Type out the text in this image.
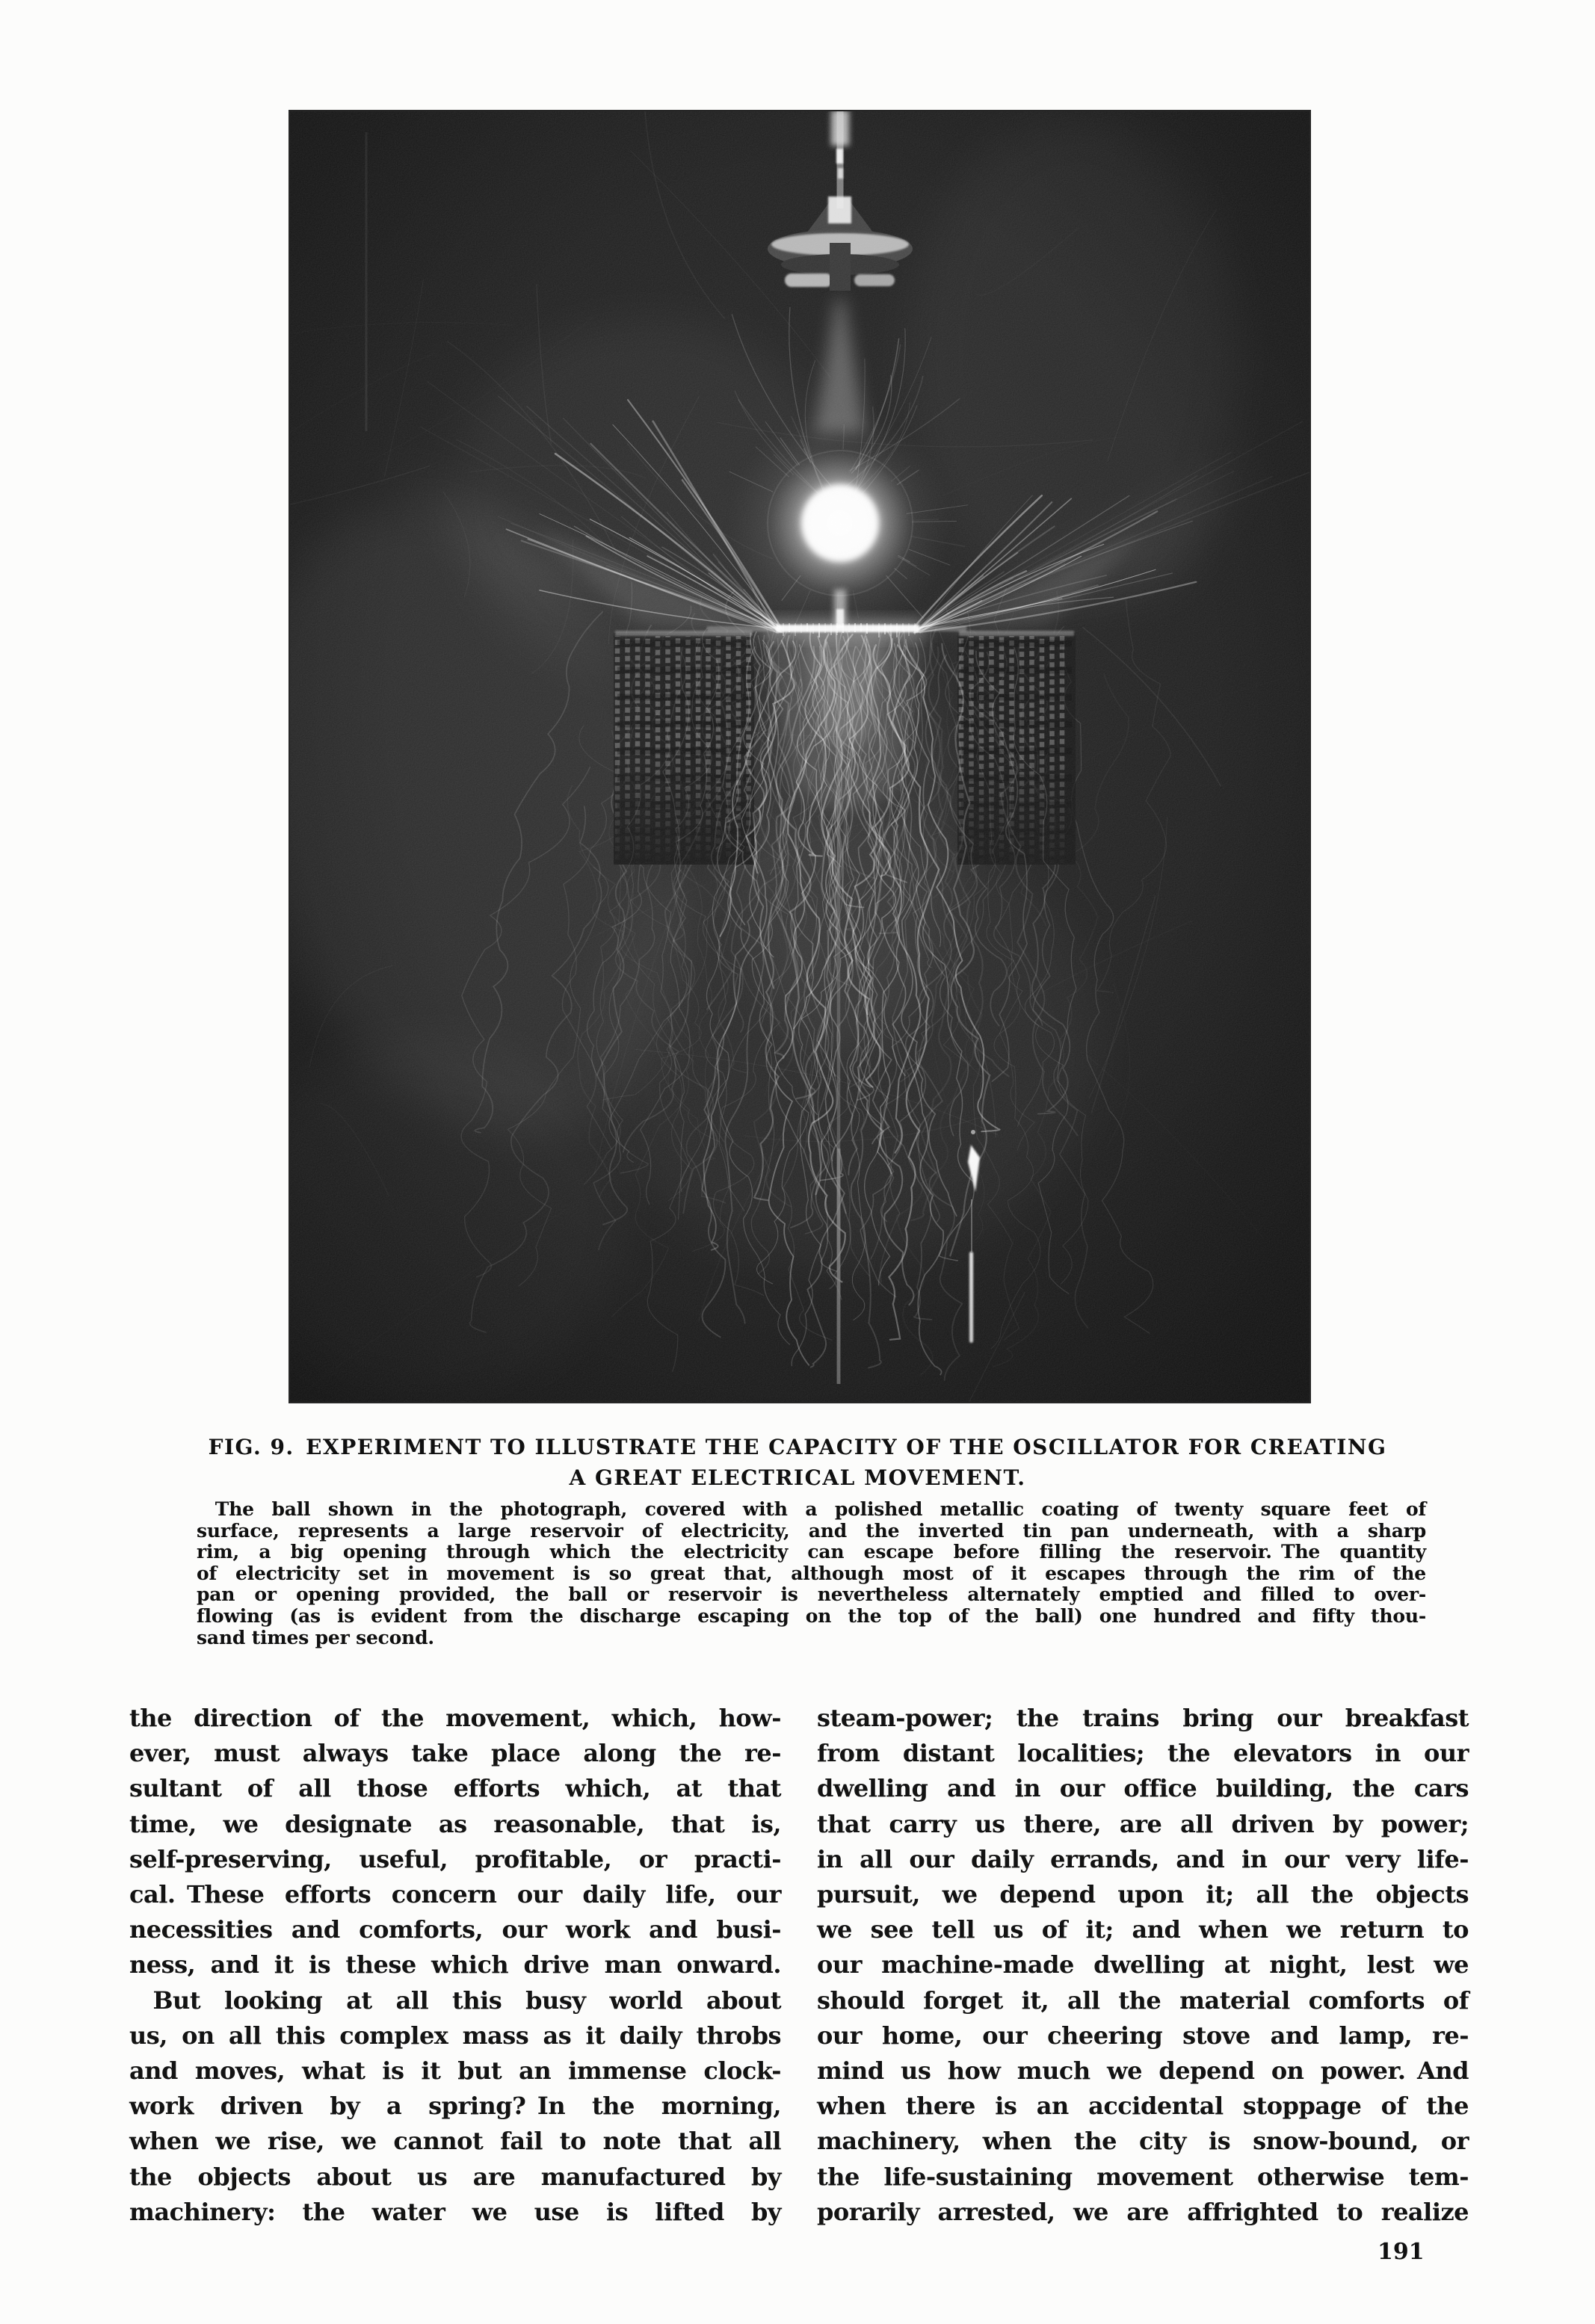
FIG. 9. EXPERIMENT TO ILLUSTRATE THE CAPACITY OF THE OSCILLATOR FOR CREATING
A GREAT ELECTRICAL MOVEMENT.
 The ball shown in the photograph, covered with a polished metallic coating of twenty square feet of
surface, represents a large reservoir of electricity, and the inverted tin pan underneath, with a sharp
rim, a big opening through which the electricity can escape before filling the reservoir. The quantity
of electricity set in movement is so great that, although most of it escapes through the rim of the
pan or opening provided, the ball or reservoir is nevertheless alternately emptied and filled to over-
flowing (as is evident from the discharge escaping on the top of the ball) one hundred and fifty thou-
sand times per second.
the direction of the movement, which, how-
ever, must always take place along the re-
sultant of all those efforts which, at that
time, we designate as reasonable, that is,
self-preserving, useful, profitable, or practi-
cal. These efforts concern our daily life, our
necessities and comforts, our work and busi-
ness, and it is these which drive man onward.
 But looking at all this busy world about
us, on all this complex mass as it daily throbs
and moves, what is it but an immense clock-
work driven by a spring? In the morning,
when we rise, we cannot fail to note that all
the objects about us are manufactured by
machinery: the water we use is lifted by
steam-power; the trains bring our breakfast
from distant localities; the elevators in our
dwelling and in our office building, the cars
that carry us there, are all driven by power;
in all our daily errands, and in our very life-
pursuit, we depend upon it; all the objects
we see tell us of it; and when we return to
our machine-made dwelling at night, lest we
should forget it, all the material comforts of
our home, our cheering stove and lamp, re-
mind us how much we depend on power. And
when there is an accidental stoppage of the
machinery, when the city is snow-bound, or
the life-sustaining movement otherwise tem-
porarily arrested, we are affrighted to realize
191
